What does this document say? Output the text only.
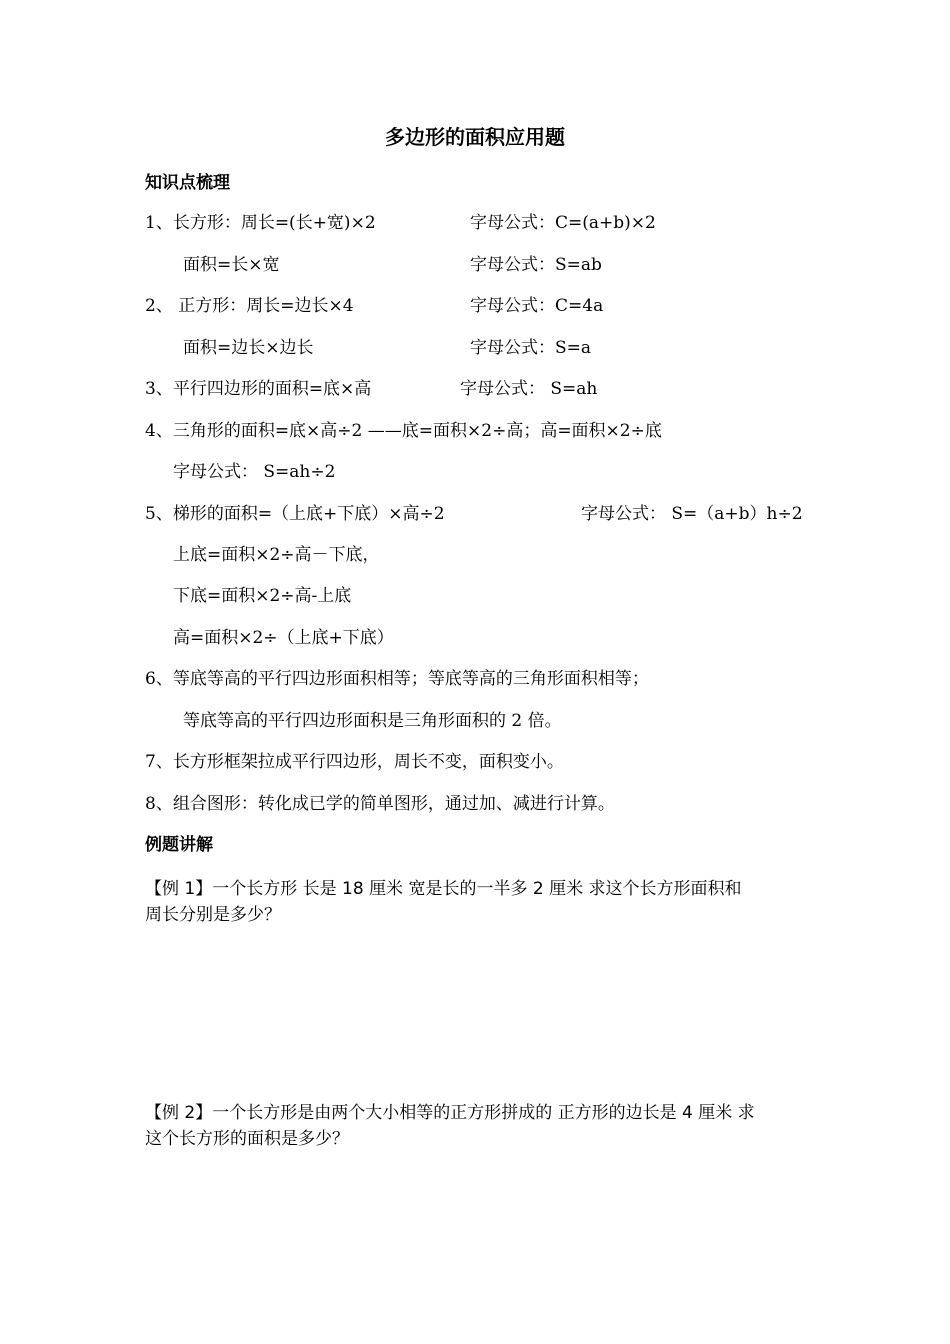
多边形的面积应用题
知识点梳理
1、长方形：周长=(长+宽)×2	字母公式：C=(a+b)×2
面积=长×宽	字母公式：S=ab
2、 正方形：周长=边长×4	字母公式：C=4a
面积=边长×边长	字母公式：S=a
3、平行四边形的面积=底×高	字母公式： S=ah
4、三角形的面积=底×高÷2 ——底=面积×2÷高；高=面积×2÷底
字母公式： S=ah÷2
5、梯形的面积=（上底+下底）×高÷2	字母公式： S=（a+b）h÷2
上底=面积×2÷高－下底，
下底=面积×2÷高-上底
高=面积×2÷（上底+下底）
6、等底等高的平行四边形面积相等；等底等高的三角形面积相等；
等底等高的平行四边形面积是三角形面积的 2 倍。
7、长方形框架拉成平行四边形，周长不变，面积变小。
8、组合图形：转化成已学的简单图形，通过加、减进行计算。
例题讲解
【例 1】一个长方形 长是 18 厘米 宽是长的一半多 2 厘米 求这个长方形面积和
周长分别是多少？
【例 2】一个长方形是由两个大小相等的正方形拼成的 正方形的边长是 4 厘米 求
这个长方形的面积是多少？
